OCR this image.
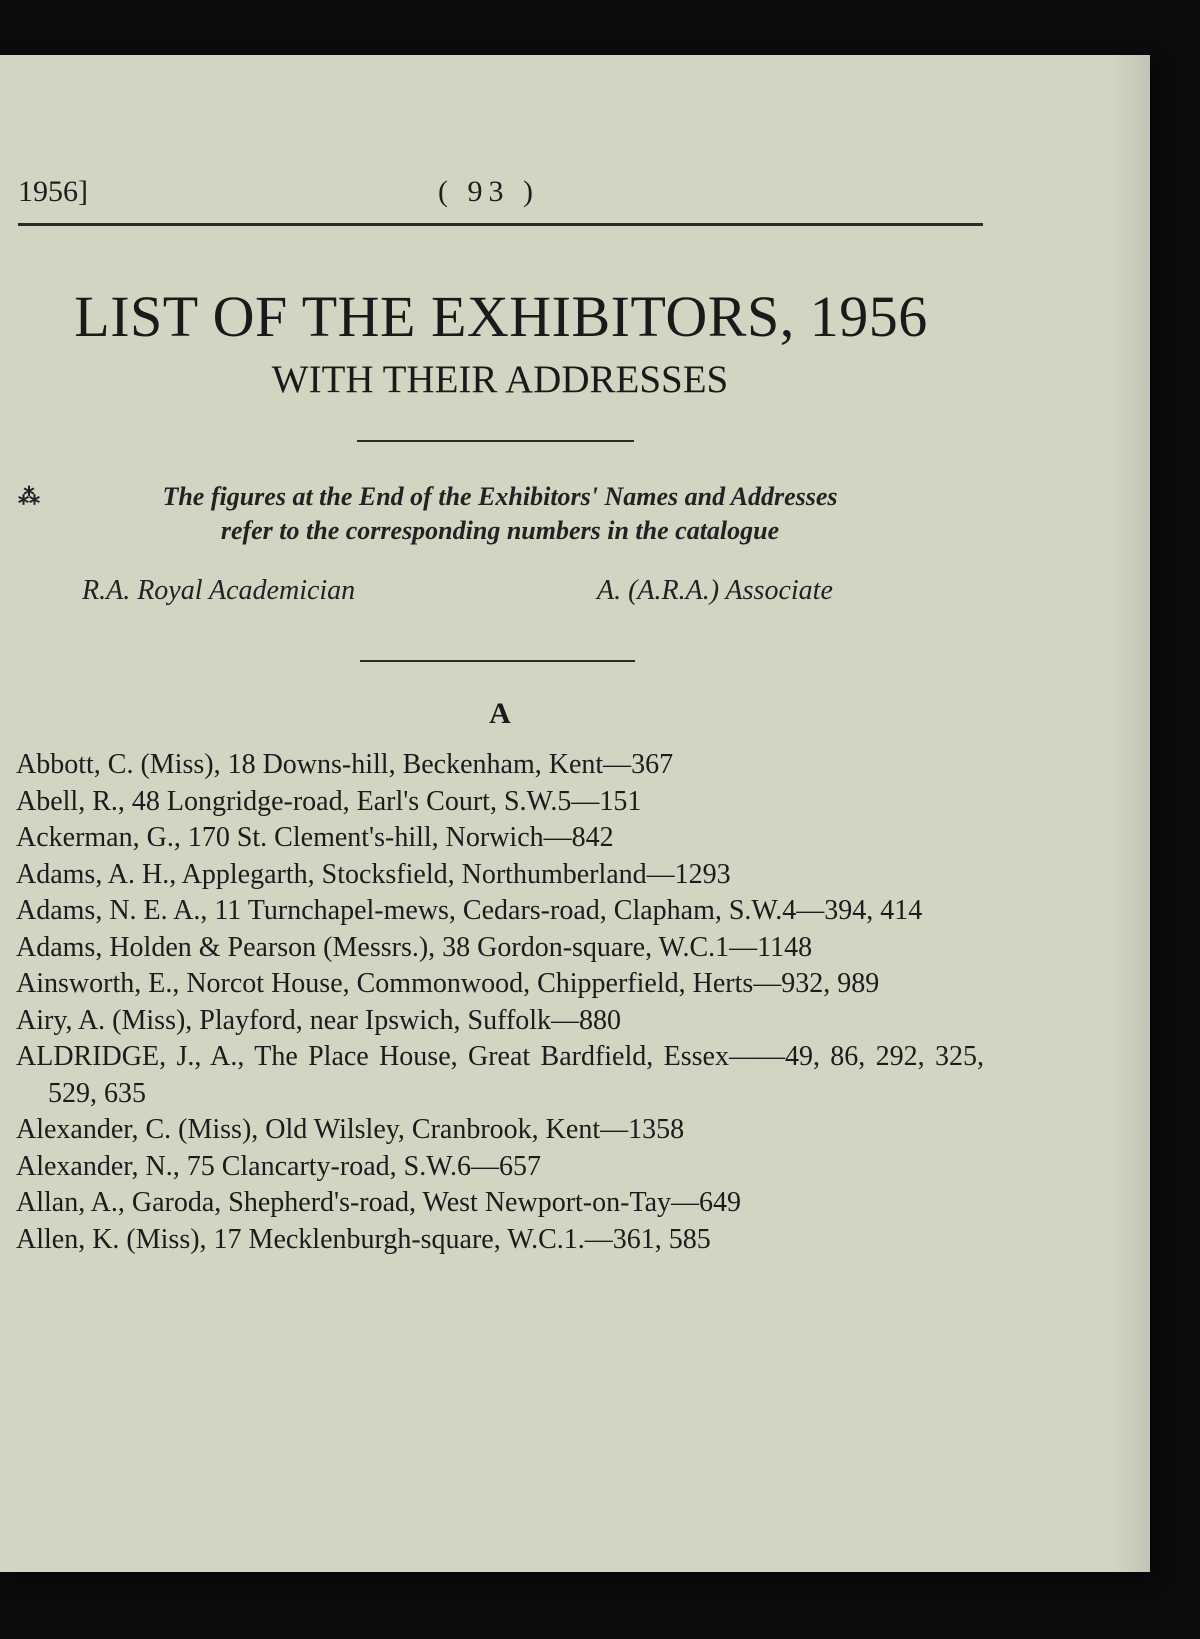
1956]	( 93 )
LIST OF THE EXHIBITORS, 1956
WITH THEIR ADDRESSES
⁂	The figures at the End of the Exhibitors' Names and Addresses
refer to the corresponding numbers in the catalogue
R.A. Royal Academician	A. (A.R.A.) Associate
A
Abbott, C. (Miss), 18 Downs-hill, Beckenham, Kent—367
Abell, R., 48 Longridge-road, Earl's Court, S.W.5—151
Ackerman, G., 170 St. Clement's-hill, Norwich—842
Adams, A. H., Applegarth, Stocksfield, Northumberland—1293
Adams, N. E. A., 11 Turnchapel-mews, Cedars-road, Clapham, S.W.4—394, 414
Adams, Holden & Pearson (Messrs.), 38 Gordon-square, W.C.1—1148
Ainsworth, E., Norcot House, Commonwood, Chipperfield, Herts—932, 989
Airy, A. (Miss), Playford, near Ipswich, Suffolk—880
ALDRIDGE, J., A., The Place House, Great Bardfield, Essex——49, 86, 292, 325, 529, 635
Alexander, C. (Miss), Old Wilsley, Cranbrook, Kent—1358
Alexander, N., 75 Clancarty-road, S.W.6—657
Allan, A., Garoda, Shepherd's-road, West Newport-on-Tay—649
Allen, K. (Miss), 17 Mecklenburgh-square, W.C.1.—361, 585
